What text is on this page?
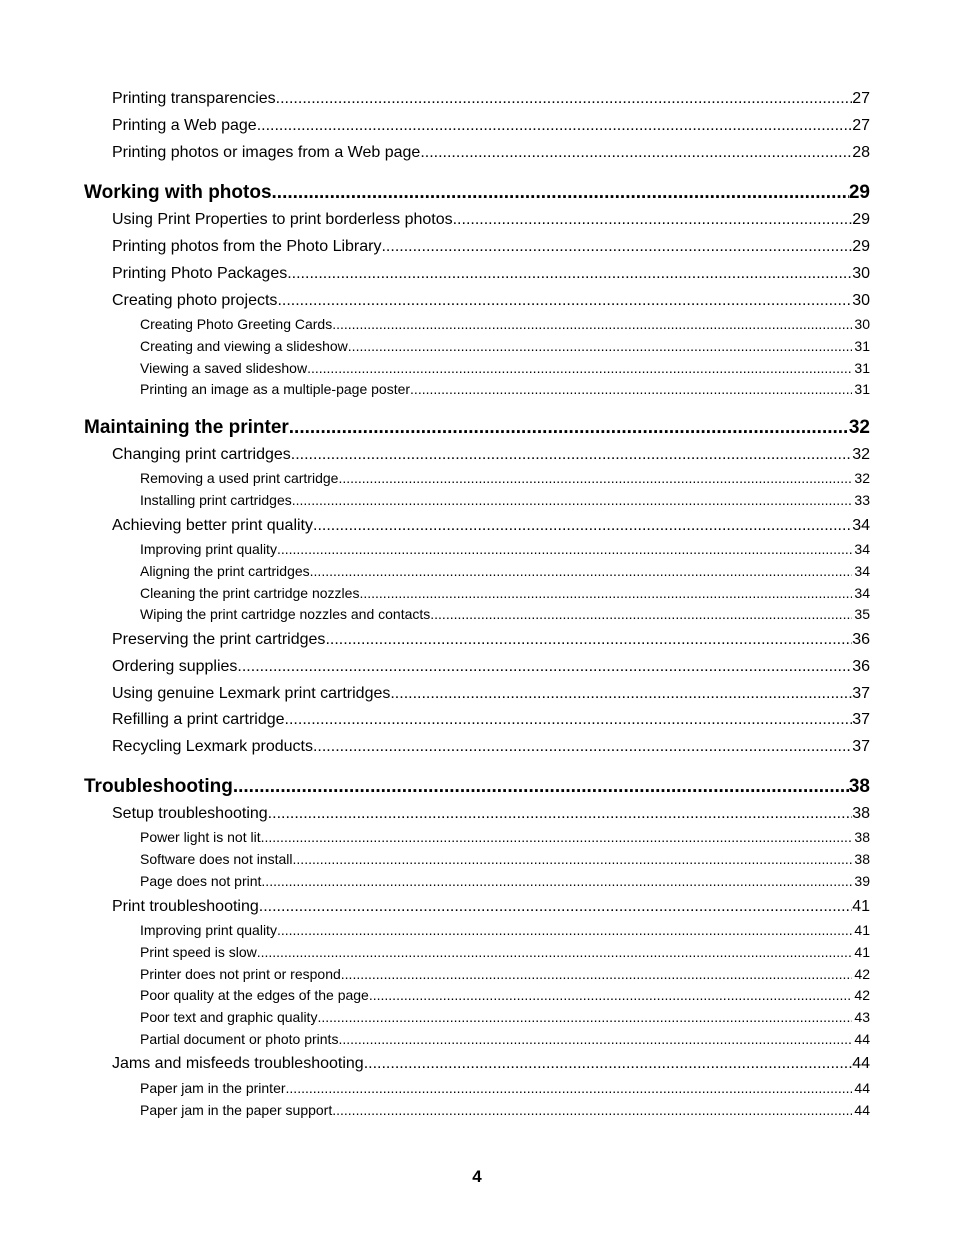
Printing transparencies .....	27
Printing a Web page .....	27
Printing photos or images from a Web page .....	28
Working with photos .....	29
Using Print Properties to print borderless photos .....	29
Printing photos from the Photo Library .....	29
Printing Photo Packages .....	30
Creating photo projects .....	30
Creating Photo Greeting Cards .....	30
Creating and viewing a slideshow .....	31
Viewing a saved slideshow .....	31
Printing an image as a multiple-page poster .....	31
Maintaining the printer .....	32
Changing print cartridges .....	32
Removing a used print cartridge .....	32
Installing print cartridges .....	33
Achieving better print quality .....	34
Improving print quality .....	34
Aligning the print cartridges .....	34
Cleaning the print cartridge nozzles .....	34
Wiping the print cartridge nozzles and contacts .....	35
Preserving the print cartridges .....	36
Ordering supplies .....	36
Using genuine Lexmark print cartridges .....	37
Refilling a print cartridge .....	37
Recycling Lexmark products .....	37
Troubleshooting .....	38
Setup troubleshooting .....	38
Power light is not lit .....	38
Software does not install .....	38
Page does not print .....	39
Print troubleshooting .....	41
Improving print quality .....	41
Print speed is slow .....	41
Printer does not print or respond .....	42
Poor quality at the edges of the page .....	42
Poor text and graphic quality .....	43
Partial document or photo prints .....	44
Jams and misfeeds troubleshooting .....	44
Paper jam in the printer .....	44
Paper jam in the paper support .....	44
4
